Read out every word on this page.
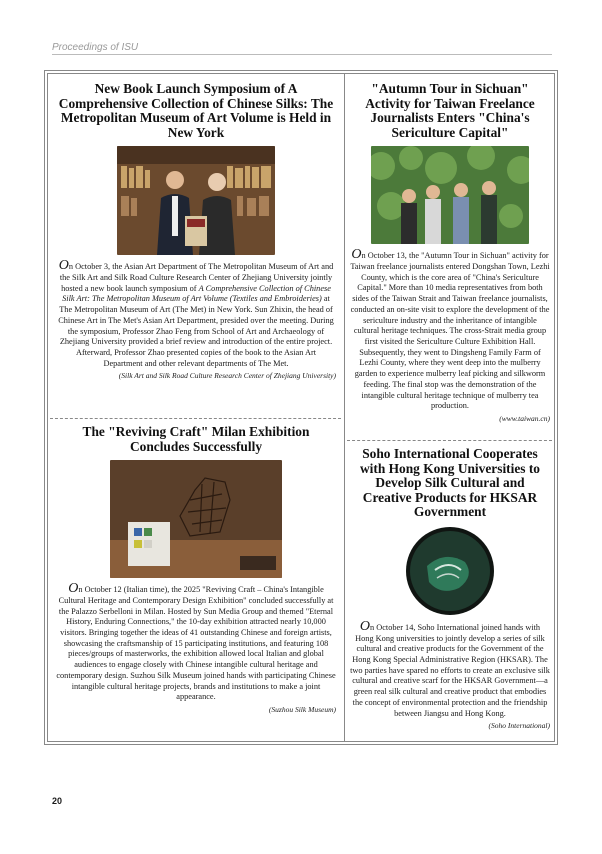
Proceedings of ISU
New Book Launch Symposium of A Comprehensive Collection of Chinese Silks: The Metropolitan Museum of Art Volume is Held in New York

On October 3, the Asian Art Department of The Metropolitan Museum of Art and the Silk Art and Silk Road Culture Research Center of Zhejiang University jointly hosted a new book launch symposium of A Comprehensive Collection of Chinese Silk Art: The Metropolitan Museum of Art Volume (Textiles and Embroideries) at The Metropolitan Museum of Art (The Met) in New York. Sun Zhixin, the head of Chinese Art in The Met's Asian Art Department, presided over the meeting. During the symposium, Professor Zhao Feng from School of Art and Archaeology of Zhejiang University provided a brief review and introduction of the entire project. Afterward, Professor Zhao presented copies of the book to the Asian Art Department and other relevant departments of The Met.

(Silk Art and Silk Road Culture Research Center of Zhejiang University)
The "Reviving Craft" Milan Exhibition Concludes Successfully

On October 12 (Italian time), the 2025 "Reviving Craft – China's Intangible Cultural Heritage and Contemporary Design Exhibition" concluded successfully at the Palazzo Serbelloni in Milan. Hosted by Sun Media Group and themed "Eternal History, Enduring Connections," the 10-day exhibition attracted nearly 10,000 visitors. Bringing together the ideas of 41 outstanding Chinese and foreign artists, showcasing the craftsmanship of 15 participating institutions, and featuring 108 pieces/groups of masterworks, the exhibition allowed local Italian and global audiences to engage closely with Chinese intangible cultural heritage and contemporary design. Suzhou Silk Museum joined hands with participating Chinese intangible cultural heritage projects, brands and institutions to make a joint appearance.

(Suzhou Silk Museum)
"Autumn Tour in Sichuan" Activity for Taiwan Freelance Journalists Enters "China's Sericulture Capital"

On October 13, the "Autumn Tour in Sichuan" activity for Taiwan freelance journalists entered Dongshan Town, Lezhi County, which is the core area of "China's Sericulture Capital." More than 10 media representatives from both sides of the Taiwan Strait and Taiwan freelance journalists, conducted an on-site visit to explore the development of the sericulture industry and the inheritance of intangible cultural heritage techniques. The cross-Strait media group first visited the Sericulture Culture Exhibition Hall. Subsequently, they went to Dingsheng Family Farm of Lezhi County, where they went deep into the mulberry garden to experience mulberry leaf picking and silkworm feeding. The final stop was the demonstration of the intangible cultural heritage technique of mulberry tea production.

(www.taiwan.cn)
Soho International Cooperates with Hong Kong Universities to Develop Silk Cultural and Creative Products for HKSAR Government

On October 14, Soho International joined hands with Hong Kong universities to jointly develop a series of silk cultural and creative products for the Government of the Hong Kong Special Administrative Region (HKSAR). The two parties have spared no efforts to create an exclusive silk cultural and creative scarf for the HKSAR Government—a green real silk cultural and creative product that embodies the concept of environmental protection and the friendship between Jiangsu and Hong Kong.

(Soho International)
20
